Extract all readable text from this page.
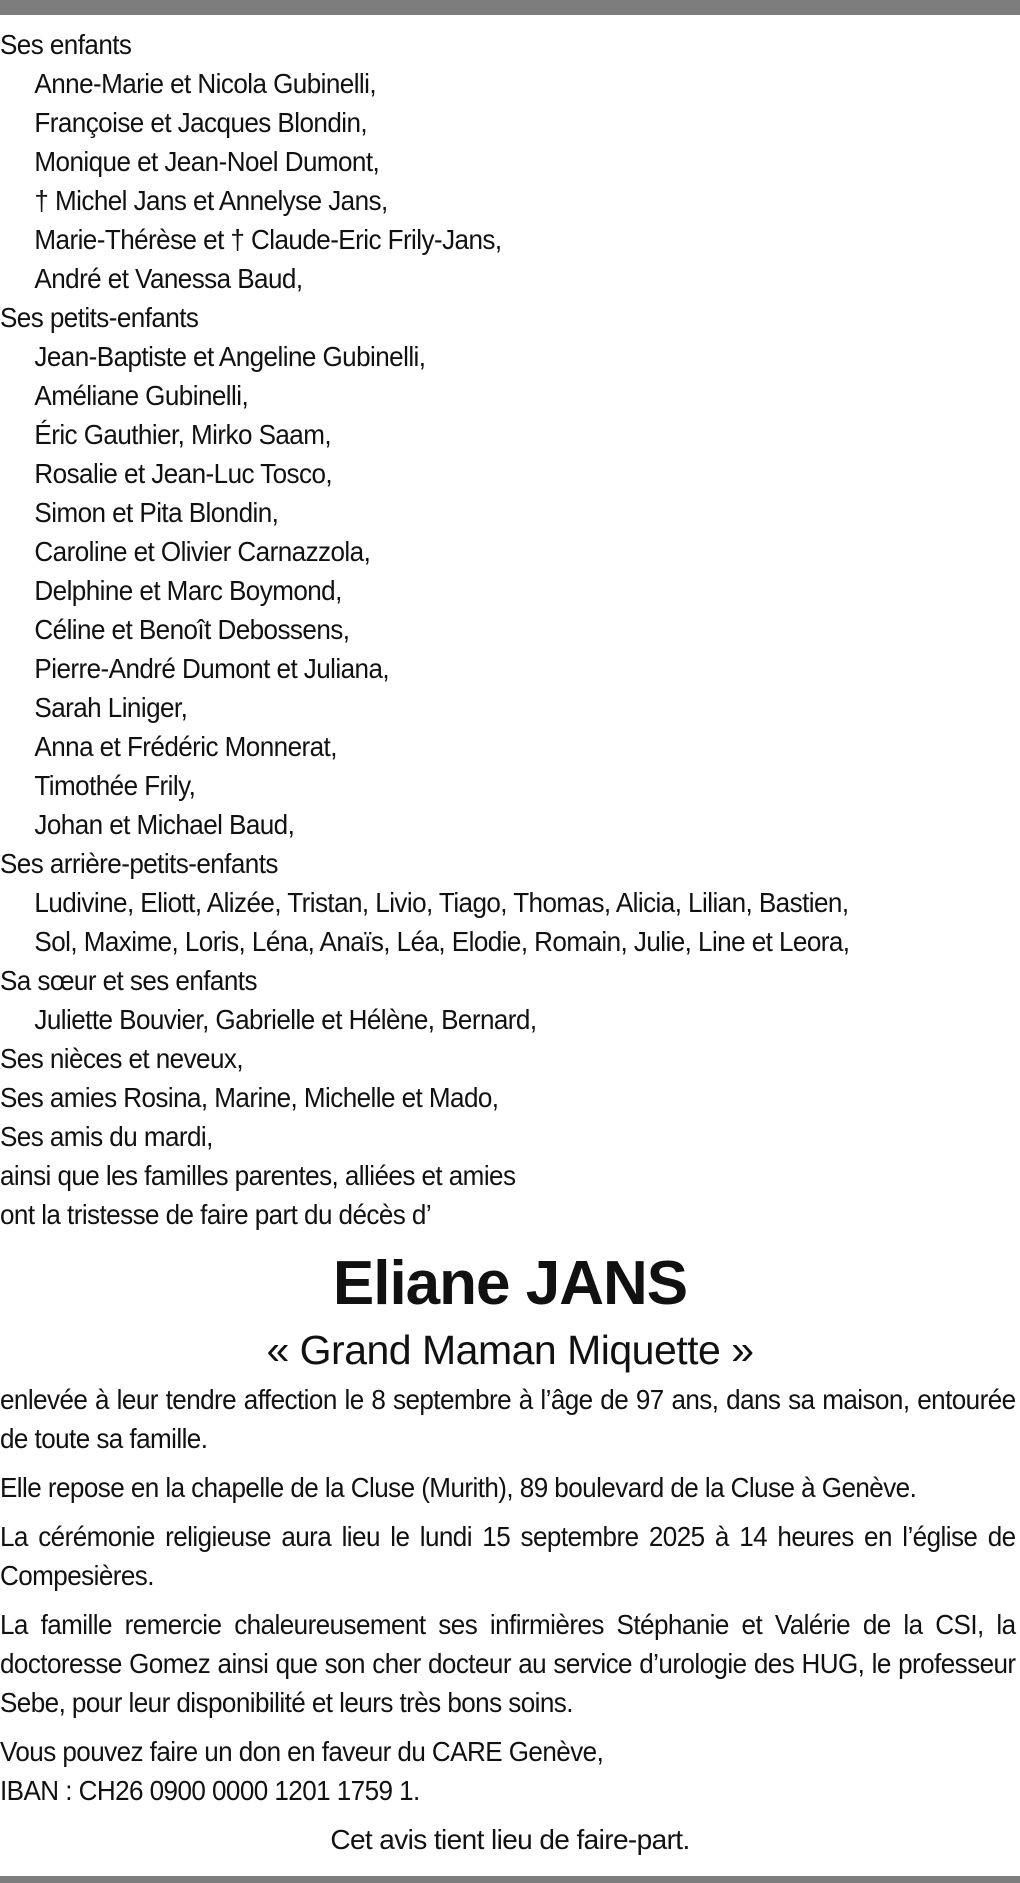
Ses enfants
Anne-Marie et Nicola Gubinelli,
Françoise et Jacques Blondin,
Monique et Jean-Noel Dumont,
† Michel Jans et Annelyse Jans,
Marie-Thérèse et † Claude-Eric Frily-Jans,
André et Vanessa Baud,
Ses petits-enfants
Jean-Baptiste et Angeline Gubinelli,
Améliane Gubinelli,
Éric Gauthier, Mirko Saam,
Rosalie et Jean-Luc Tosco,
Simon et Pita Blondin,
Caroline et Olivier Carnazzola,
Delphine et Marc Boymond,
Céline et Benoît Debossens,
Pierre-André Dumont et Juliana,
Sarah Liniger,
Anna et Frédéric Monnerat,
Timothée Frily,
Johan et Michael Baud,
Ses arrière-petits-enfants
Ludivine, Eliott, Alizée, Tristan, Livio, Tiago, Thomas, Alicia, Lilian, Bastien,
Sol, Maxime, Loris, Léna, Anaïs, Léa, Elodie, Romain, Julie, Line et Leora,
Sa sœur et ses enfants
Juliette Bouvier, Gabrielle et Hélène, Bernard,
Ses nièces et neveux,
Ses amies Rosina, Marine, Michelle et Mado,
Ses amis du mardi,
ainsi que les familles parentes, alliées et amies
ont la tristesse de faire part du décès d’
Eliane JANS
« Grand Maman Miquette »
enlevée à leur tendre affection le 8 septembre à l’âge de 97 ans, dans sa maison, entourée de toute sa famille.
Elle repose en la chapelle de la Cluse (Murith), 89 boulevard de la Cluse à Genève.
La cérémonie religieuse aura lieu le lundi 15 septembre 2025 à 14 heures en l’église de Compesières.
La famille remercie chaleureusement ses infirmières Stéphanie et Valérie de la CSI, la doctoresse Gomez ainsi que son cher docteur au service d’urologie des HUG, le professeur Sebe, pour leur disponibilité et leurs très bons soins.
Vous pouvez faire un don en faveur du CARE Genève,
IBAN : CH26 0900 0000 1201 1759 1.
Cet avis tient lieu de faire-part.
